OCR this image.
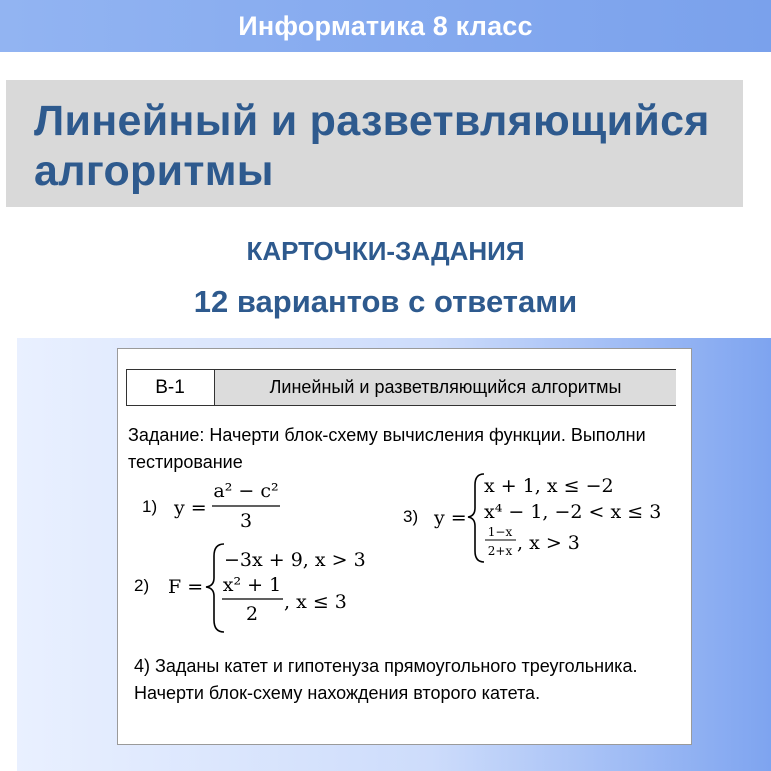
Информатика 8 класс
Линейный и разветвляющийся алгоритмы
КАРТОЧКИ-ЗАДАНИЯ
12 вариантов с ответами
В-1	Линейный и разветвляющийся алгоритмы
Задание: Начерти блок-схему вычисления функции. Выполни тестирование
1) y =
a² − c²
3
2) F =
−3x + 9, x > 3
x² + 1
2
, x ≤ 3
3) y =
x + 1, x ≤ −2
x⁴ − 1, −2 < x ≤ 3
1−x
2+x , x > 3
4) Заданы катет и гипотенуза прямоугольного треугольника. Начерти блок-схему нахождения второго катета.
